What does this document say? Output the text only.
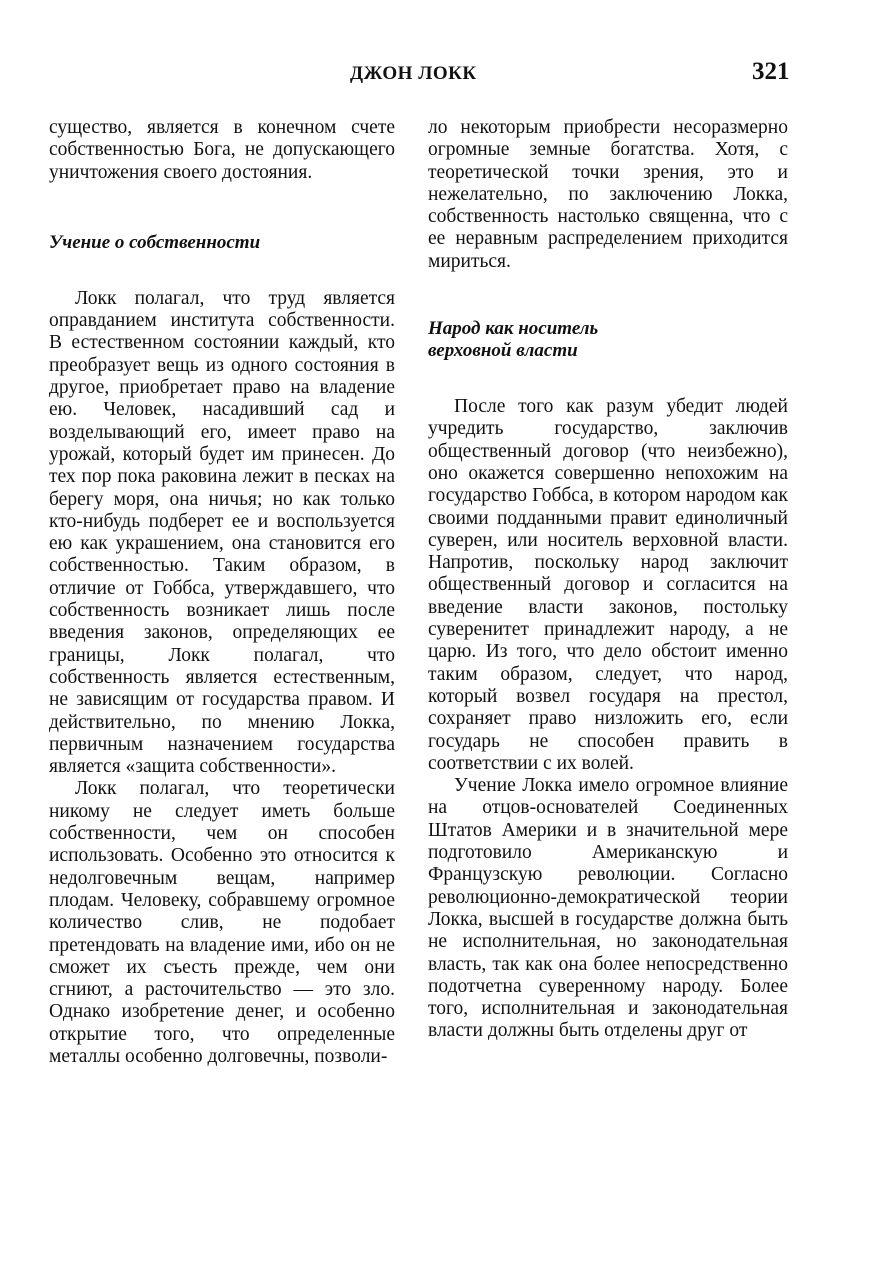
ДЖОН ЛОКК	321

существо, является в конечном счете собственностью Бога, не допускающего уничтожения своего достояния.

Учение о собственности

Локк полагал, что труд является оправданием института собственности. В естественном состоянии каждый, кто преобразует вещь из одного состояния в другое, приобретает право на владение ею. Человек, насадивший сад и возделывающий его, имеет право на урожай, который будет им принесен. До тех пор пока раковина лежит в песках на берегу моря, она ничья; но как только кто-нибудь подберет ее и воспользуется ею как украшением, она становится его собственностью. Таким образом, в отличие от Гоббса, утверждавшего, что собственность возникает лишь после введения законов, определяющих ее границы, Локк полагал, что собственность является естественным, не зависящим от государства правом. И действительно, по мнению Локка, первичным назначением государства является «защита собственности».

Локк полагал, что теоретически никому не следует иметь больше собственности, чем он способен использовать. Особенно это относится к недолговечным вещам, например плодам. Человеку, собравшему огромное количество слив, не подобает претендовать на владение ими, ибо он не сможет их съесть прежде, чем они сгниют, а расточительство — это зло. Однако изобретение денег, и особенно открытие того, что определенные металлы особенно долговечны, позволи-

ло некоторым приобрести несоразмерно огромные земные богатства. Хотя, с теоретической точки зрения, это и нежелательно, по заключению Локка, собственность настолько священна, что с ее неравным распределением приходится мириться.

Народ как носитель
верховной власти

После того как разум убедит людей учредить государство, заключив общественный договор (что неизбежно), оно окажется совершенно непохожим на государство Гоббса, в котором народом как своими подданными правит единоличный суверен, или носитель верховной власти. Напротив, поскольку народ заключит общественный договор и согласится на введение власти законов, постольку суверенитет принадлежит народу, а не царю. Из того, что дело обстоит именно таким образом, следует, что народ, который возвел государя на престол, сохраняет право низложить его, если государь не способен править в соответствии с их волей.

Учение Локка имело огромное влияние на отцов-основателей Соединенных Штатов Америки и в значительной мере подготовило Американскую и Французскую революции. Согласно революционно-демократической теории Локка, высшей в государстве должна быть не исполнительная, но законодательная власть, так как она более непосредственно подотчетна суверенному народу. Более того, исполнительная и законодательная власти должны быть отделены друг от
